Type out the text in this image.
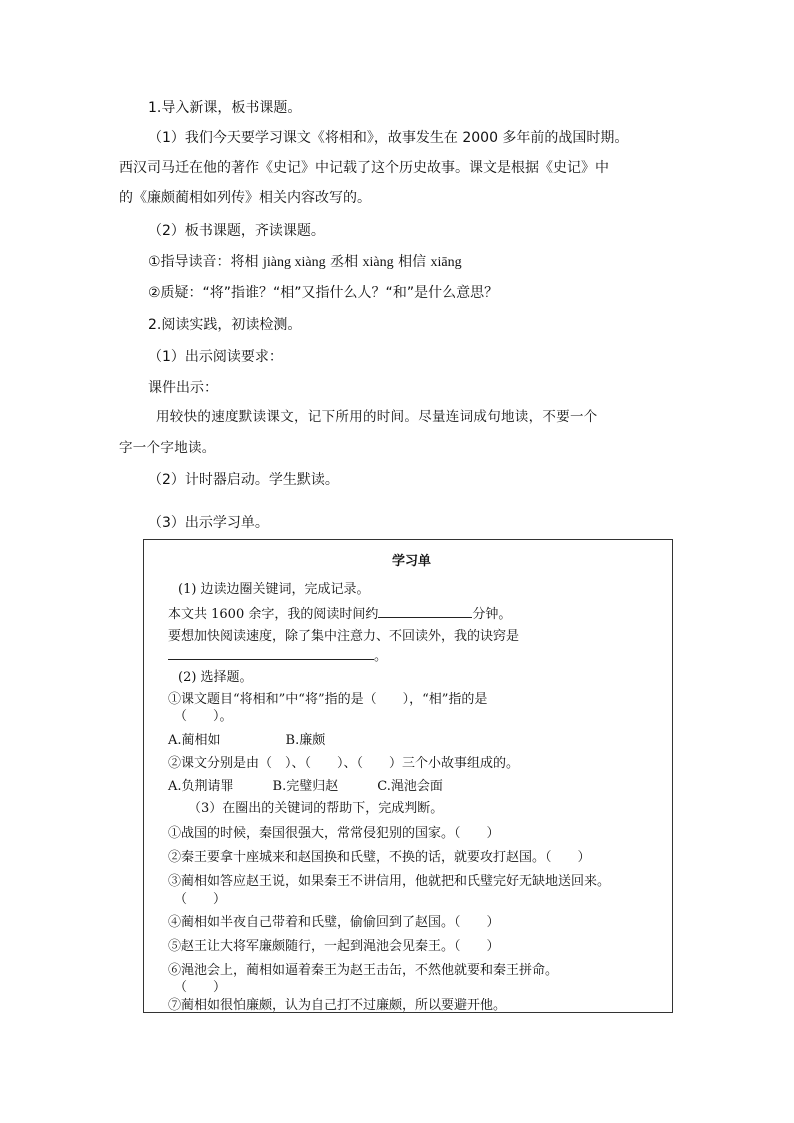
1.导入新课，板书课题。
（1）我们今天要学习课文《将相和》，故事发生在 2000 多年前的战国时期。
西汉司马迁在他的著作《史记》中记载了这个历史故事。课文是根据《史记》中
的《廉颇蔺相如列传》相关内容改写的。
（2）板书课题，齐读课题。
①指导读音：将相 jiàng xiàng 丞相 xiàng 相信 xiāng
②质疑：“将”指谁？“相”又指什么人？“和”是什么意思？
2.阅读实践，初读检测。
（1）出示阅读要求：
课件出示：
用较快的速度默读课文，记下所用的时间。尽量连词成句地读，不要一个
字一个字地读。
（2）计时器启动。学生默读。
（3）出示学习单。
学习单
(1) 边读边圈关键词，完成记录。
本文共 1600 余字，我的阅读时间约	分钟。
要想加快阅读速度，除了集中注意力、不回读外，我的诀窍是
。
(2) 选择题。
①课文题目“将相和”中“将”指的是（　　），“相”指的是
（　　）。
A.蔺相如　　　　　B.廉颇
②课文分别是由（　）、（　　）、（　　）三个小故事组成的。
A.负荆请罪　　　B.完璧归赵　　　C.渑池会面
（3）在圈出的关键词的帮助下，完成判断。
①战国的时候，秦国很强大，常常侵犯别的国家。（　　）
②秦王要拿十座城来和赵国换和氏璧，不换的话，就要攻打赵国。（　　）
③蔺相如答应赵王说，如果秦王不讲信用，他就把和氏璧完好无缺地送回来。
（　　）
④蔺相如半夜自己带着和氏璧，偷偷回到了赵国。（　　）
⑤赵王让大将军廉颇随行，一起到渑池会见秦王。（　　）
⑥渑池会上，蔺相如逼着秦王为赵王击缶，不然他就要和秦王拼命。
（　　）
⑦蔺相如很怕廉颇，认为自己打不过廉颇，所以要避开他。
